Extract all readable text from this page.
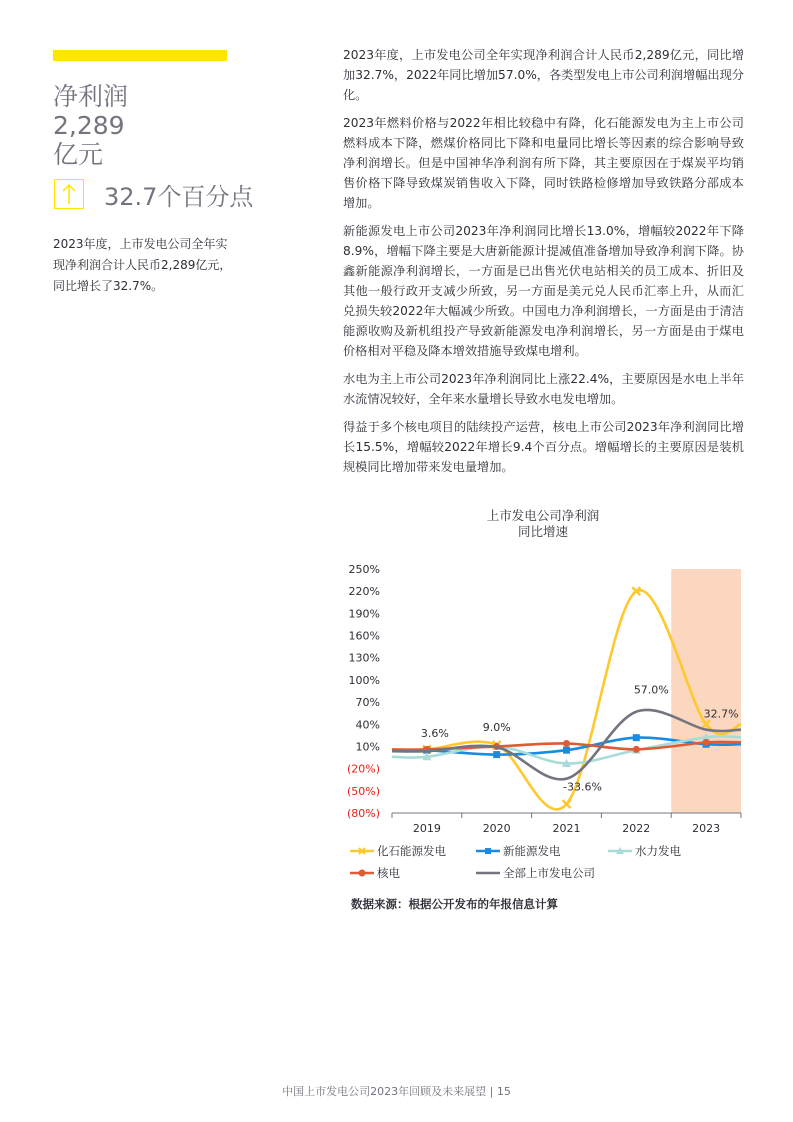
净利润
2,289
亿元
32.7个百分点
2023年度，上市发电公司全年实现净利润合计人民币2,289亿元，同比增长了32.7%。

2023年度，上市发电公司全年实现净利润合计人民币2,289亿元，同比增加32.7%，2022年同比增加57.0%，各类型发电上市公司利润增幅出现分化。

2023年燃料价格与2022年相比较稳中有降，化石能源发电为主上市公司燃料成本下降，燃煤价格同比下降和电量同比增长等因素的综合影响导致净利润增长。但是中国神华净利润有所下降，其主要原因在于煤炭平均销售价格下降导致煤炭销售收入下降，同时铁路检修增加导致铁路分部成本增加。

新能源发电上市公司2023年净利润同比增长13.0%，增幅较2022年下降8.9%，增幅下降主要是大唐新能源计提减值准备增加导致净利润下降。协鑫新能源净利润增长，一方面是已出售光伏电站相关的员工成本、折旧及其他一般行政开支减少所致，另一方面是美元兑人民币汇率上升，从而汇兑损失较2022年大幅减少所致。中国电力净利润增长，一方面是由于清洁能源收购及新机组投产导致新能源发电净利润增长，另一方面是由于煤电价格相对平稳及降本增效措施导致煤电增利。

水电为主上市公司2023年净利润同比上涨22.4%，主要原因是水电上半年水流情况较好，全年来水量增长导致水电发电增加。

得益于多个核电项目的陆续投产运营，核电上市公司2023年净利润同比增长15.5%，增幅较2022年增长9.4个百分点。增幅增长的主要原因是装机规模同比增加带来发电量增加。

上市发电公司净利润
同比增速
250%
220%
190%
160%
130%
100%
70%
40%
10%
(20%)
(50%)
(80%)
2019	2020	2021	2022	2023
3.6%	9.0%
-33.6%
57.0%
32.7%
化石能源发电	新能源发电	水力发电
核电	全部上市发电公司
数据来源：根据公开发布的年报信息计算
中国上市发电公司2023年回顾及未来展望 | 15
